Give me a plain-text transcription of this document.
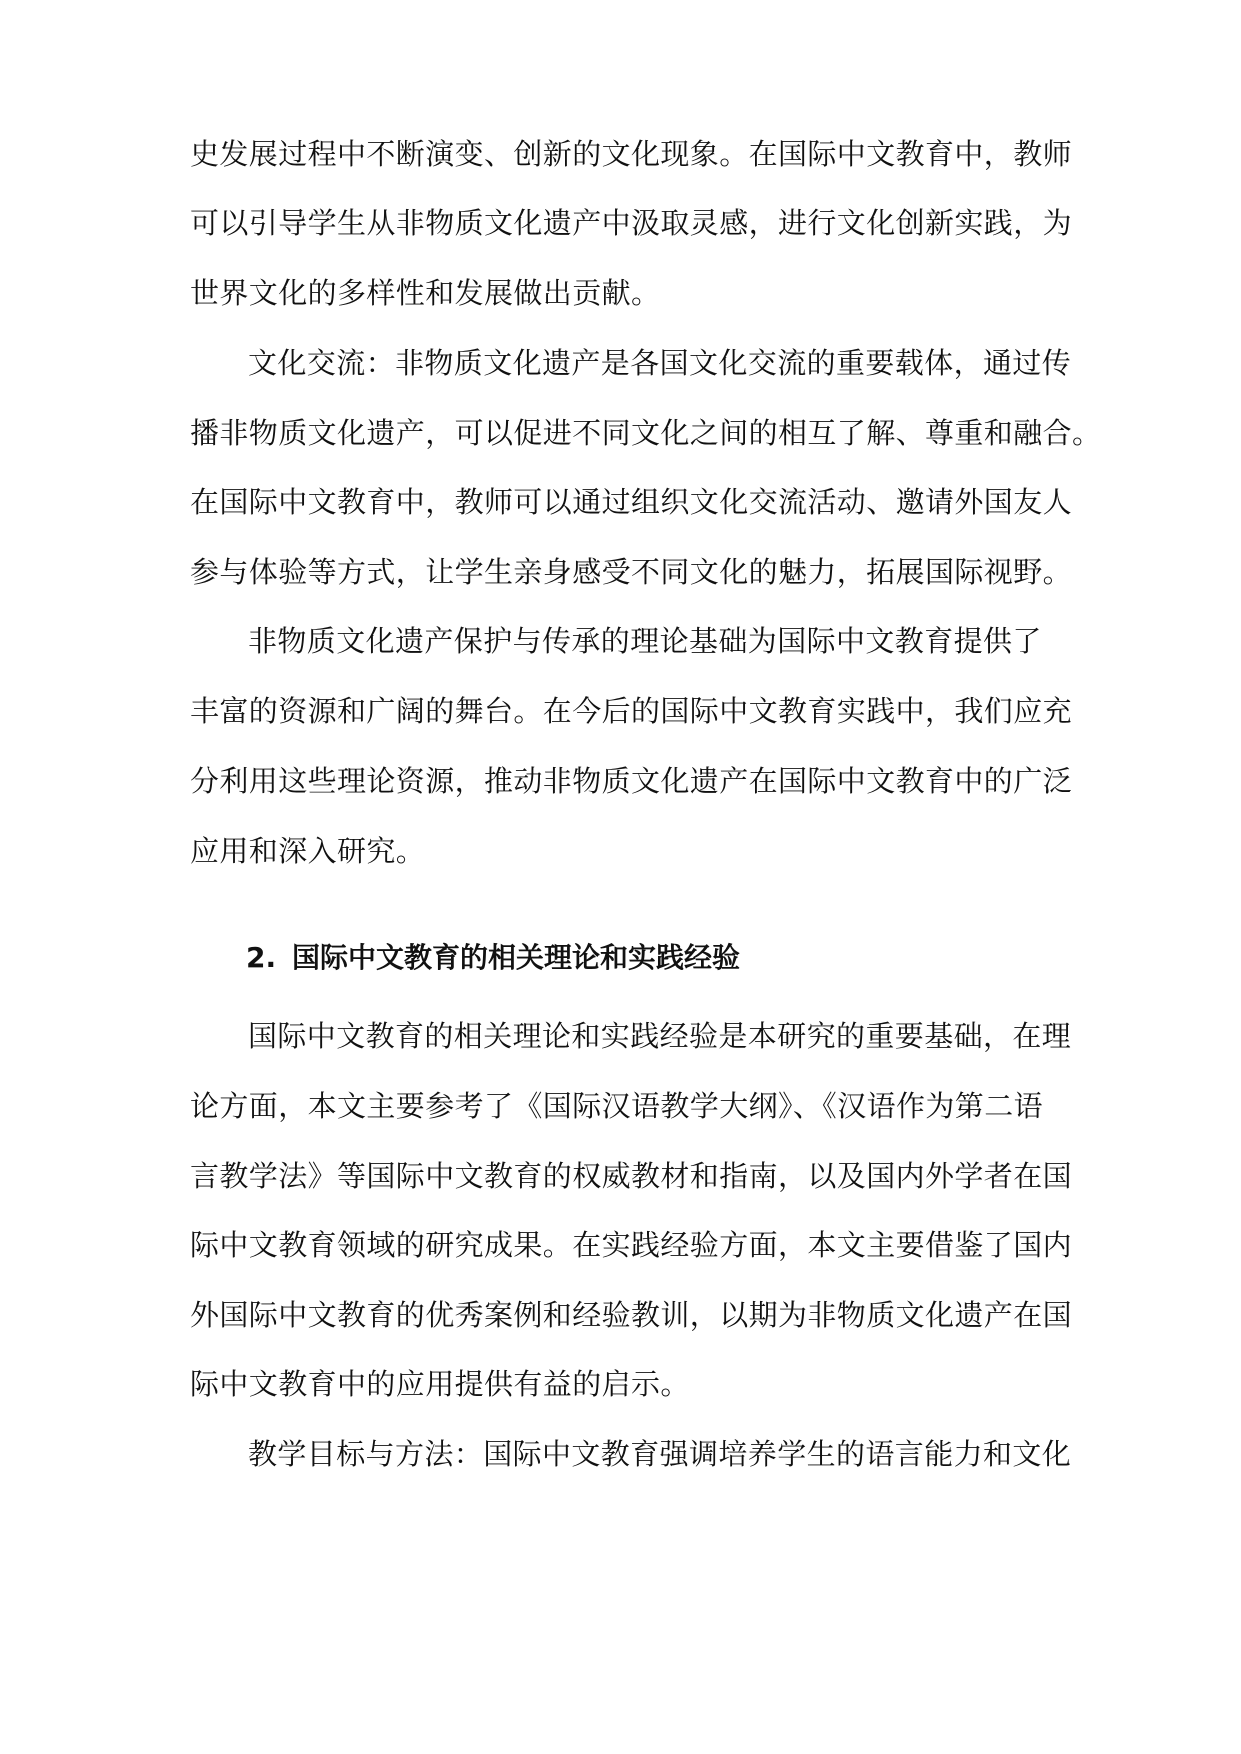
史发展过程中不断演变、创新的文化现象。在国际中文教育中，教师
可以引导学生从非物质文化遗产中汲取灵感，进行文化创新实践，为
世界文化的多样性和发展做出贡献。
文化交流：非物质文化遗产是各国文化交流的重要载体，通过传
播非物质文化遗产，可以促进不同文化之间的相互了解、尊重和融合。
在国际中文教育中，教师可以通过组织文化交流活动、邀请外国友人
参与体验等方式，让学生亲身感受不同文化的魅力，拓展国际视野。
非物质文化遗产保护与传承的理论基础为国际中文教育提供了
丰富的资源和广阔的舞台。在今后的国际中文教育实践中，我们应充
分利用这些理论资源，推动非物质文化遗产在国际中文教育中的广泛
应用和深入研究。
2. 国际中文教育的相关理论和实践经验
国际中文教育的相关理论和实践经验是本研究的重要基础，在理
论方面，本文主要参考了《国际汉语教学大纲》、《汉语作为第二语
言教学法》等国际中文教育的权威教材和指南，以及国内外学者在国
际中文教育领域的研究成果。在实践经验方面，本文主要借鉴了国内
外国际中文教育的优秀案例和经验教训，以期为非物质文化遗产在国
际中文教育中的应用提供有益的启示。
教学目标与方法：国际中文教育强调培养学生的语言能力和文化
